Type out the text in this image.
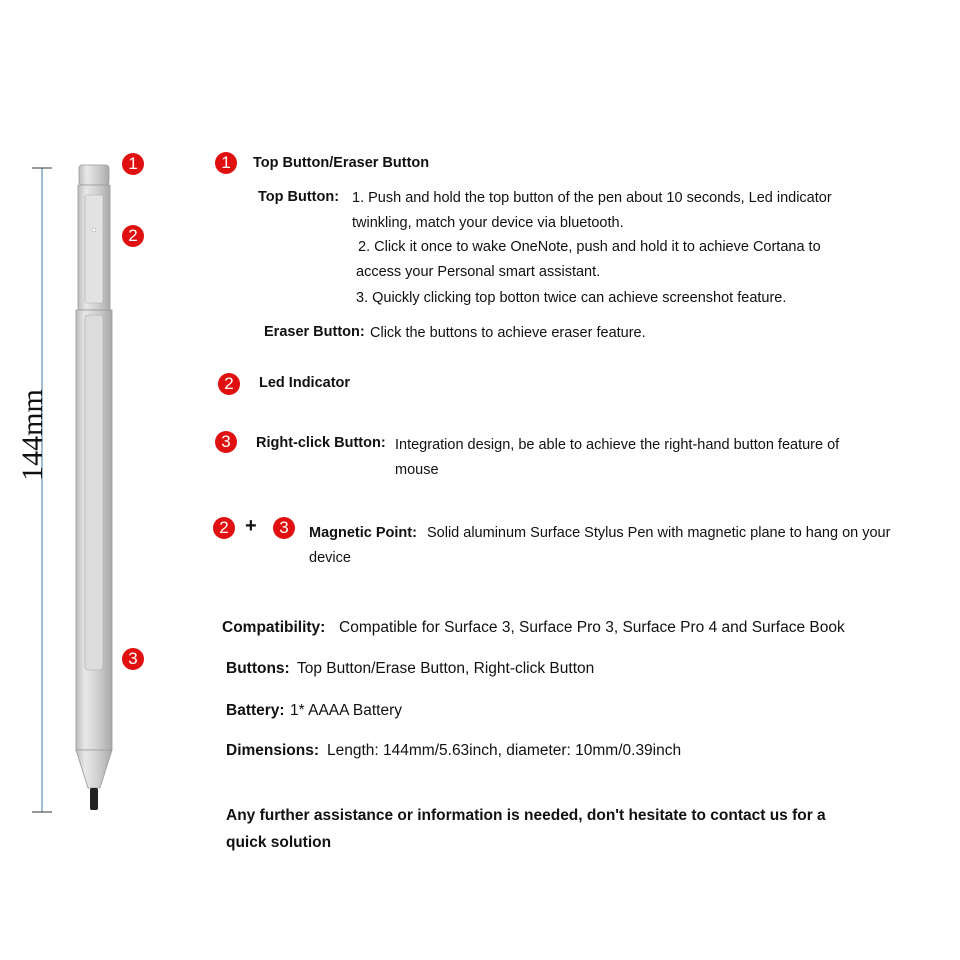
144mm
1
2
3
1	Top Button/Eraser Button
Top Button: 1. Push and hold the top button of the pen about 10 seconds, Led indicator
twinkling, match your device via bluetooth.
2. Click it once to wake OneNote, push and hold it to achieve Cortana to
access your Personal smart assistant.
3. Quickly clicking top botton twice can achieve screenshot feature.
Eraser Button: Click the buttons to achieve eraser feature.
2	Led Indicator
3	Right-click Button: Integration design, be able to achieve the right-hand button feature of
mouse
2 +	3	Magnetic Point: Solid aluminum Surface Stylus Pen with magnetic plane to hang on your
device
Compatibility: Compatible for Surface 3, Surface Pro 3, Surface Pro 4 and Surface Book
Buttons: Top Button/Erase Button, Right-click Button
Battery: 1* AAAA Battery
Dimensions: Length: 144mm/5.63inch, diameter: 10mm/0.39inch
Any further assistance or information is needed, don't hesitate to contact us for a
quick solution
